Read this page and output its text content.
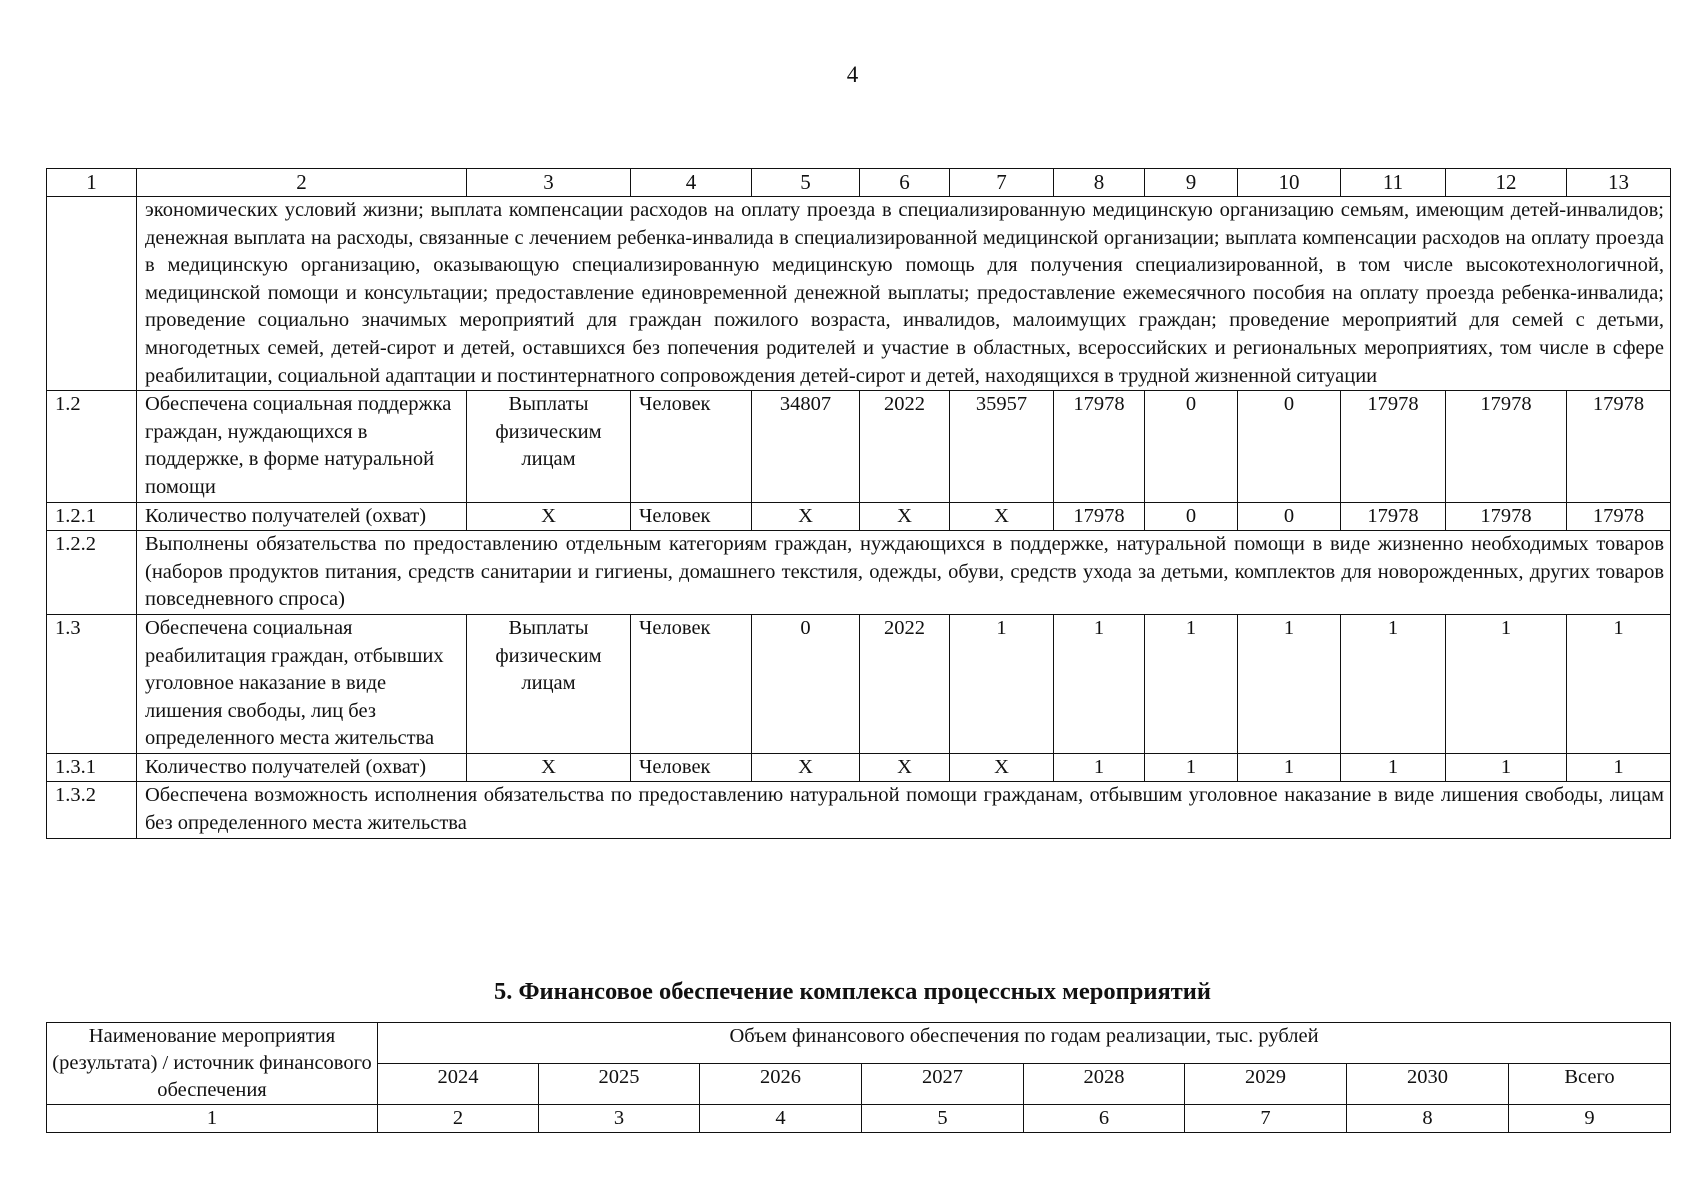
4
1	2	3	4	5	6	7	8	9	10	11	12	13
	экономических условий жизни; выплата компенсации расходов на оплату проезда в специализированную медицинскую организацию семьям, имеющим детей-инвалидов; денежная выплата на расходы, связанные с лечением ребенка-инвалида в специализированной медицинской организации; выплата компенсации расходов на оплату проезда в медицинскую организацию, оказывающую специализированную медицинскую помощь для получения специализированной, в том числе высокотехнологичной, медицинской помощи и консультации; предоставление единовременной денежной выплаты; предоставление ежемесячного пособия на оплату проезда ребенка-инвалида; проведение социально значимых мероприятий для граждан пожилого возраста, инвалидов, малоимущих граждан; проведение мероприятий для семей с детьми, многодетных семей, детей-сирот и детей, оставшихся без попечения родителей и участие в областных, всероссийских и региональных мероприятиях, том числе в сфере реабилитации, социальной адаптации и постинтернатного сопровождения детей-сирот и детей, находящихся в трудной жизненной ситуации											
1.2	Обеспечена социальная поддержка граждан, нуждающихся в поддержке, в форме натуральной помощи	Выплаты физическим лицам	Человек	34807	2022	35957	17978	0	0	17978	17978	17978
1.2.1	Количество получателей (охват)	Х	Человек	Х	Х	Х	17978	0	0	17978	17978	17978
1.2.2	Выполнены обязательства по предоставлению отдельным категориям граждан, нуждающихся в поддержке, натуральной помощи в виде жизненно необходимых товаров (наборов продуктов питания, средств санитарии и гигиены, домашнего текстиля, одежды, обуви, средств ухода за детьми, комплектов для новорожденных, других товаров повседневного спроса)											
1.3	Обеспечена социальная реабилитация граждан, отбывших уголовное наказание в виде лишения свободы, лиц без определенного места жительства	Выплаты физическим лицам	Человек	0	2022	1	1	1	1	1	1	1
1.3.1	Количество получателей (охват)	Х	Человек	Х	Х	Х	1	1	1	1	1	1
1.3.2	Обеспечена возможность исполнения обязательства по предоставлению натуральной помощи гражданам, отбывшим уголовное наказание в виде лишения свободы, лицам без определенного места жительства											
5. Финансовое обеспечение комплекса процессных мероприятий
Наименование мероприятия (результата) / источник финансового обеспечения	Объем финансового обеспечения по годам реализации, тыс. рублей							
	2024	2025	2026	2027	2028	2029	2030	Всего
1	2	3	4	5	6	7	8	9
